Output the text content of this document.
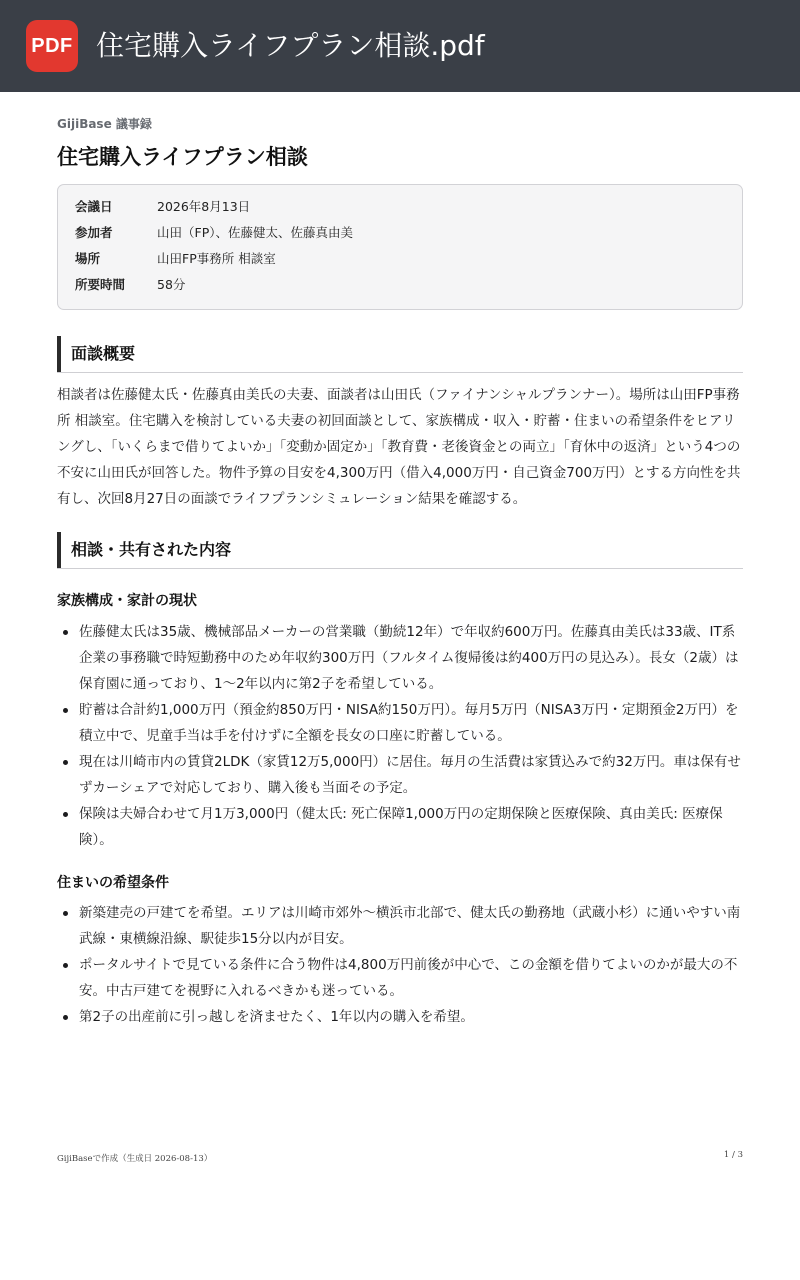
PDF 住宅購入ライフプラン相談.pdf
GijiBase 議事録
住宅購入ライフプラン相談
会議日	2026年8月13日
参加者	山田（FP）、佐藤健太、佐藤真由美
場所	山田FP事務所 相談室
所要時間	58分
面談概要

相談者は佐藤健太氏・佐藤真由美氏の夫妻、面談者は山田氏（ファイナンシャルプランナー）。場所は山田FP事務所 相談室。住宅購入を検討している夫妻の初回面談として、家族構成・収入・貯蓄・住まいの希望条件をヒアリングし、「いくらまで借りてよいか」「変動か固定か」「教育費・老後資金との両立」「育休中の返済」という4つの不安に山田氏が回答した。物件予算の目安を4,300万円（借入4,000万円・自己資金700万円）とする方向性を共有し、次回8月27日の面談でライフプランシミュレーション結果を確認する。

相談・共有された内容
家族構成・家計の現状
佐藤健太氏は35歳、機械部品メーカーの営業職（勤続12年）で年収約600万円。佐藤真由美氏は33歳、IT系企業の事務職で時短勤務中のため年収約300万円（フルタイム復帰後は約400万円の見込み）。長女（2歳）は保育園に通っており、1〜2年以内に第2子を希望している。
貯蓄は合計約1,000万円（預金約850万円・NISA約150万円）。毎月5万円（NISA3万円・定期預金2万円）を積立中で、児童手当は手を付けずに全額を長女の口座に貯蓄している。
現在は川崎市内の賃貸2LDK（家賃12万5,000円）に居住。毎月の生活費は家賃込みで約32万円。車は保有せずカーシェアで対応しており、購入後も当面その予定。
保険は夫婦合わせて月1万3,000円（健太氏: 死亡保障1,000万円の定期保険と医療保険、真由美氏: 医療保険）。
住まいの希望条件
新築建売の戸建てを希望。エリアは川崎市郊外〜横浜市北部で、健太氏の勤務地（武蔵小杉）に通いやすい南武線・東横線沿線、駅徒歩15分以内が目安。
ポータルサイトで見ている条件に合う物件は4,800万円前後が中心で、この金額を借りてよいのかが最大の不安。中古戸建てを視野に入れるべきかも迷っている。
第2子の出産前に引っ越しを済ませたく、1年以内の購入を希望。
GijiBaseで作成（生成日 2026-08-13）	1 / 3
